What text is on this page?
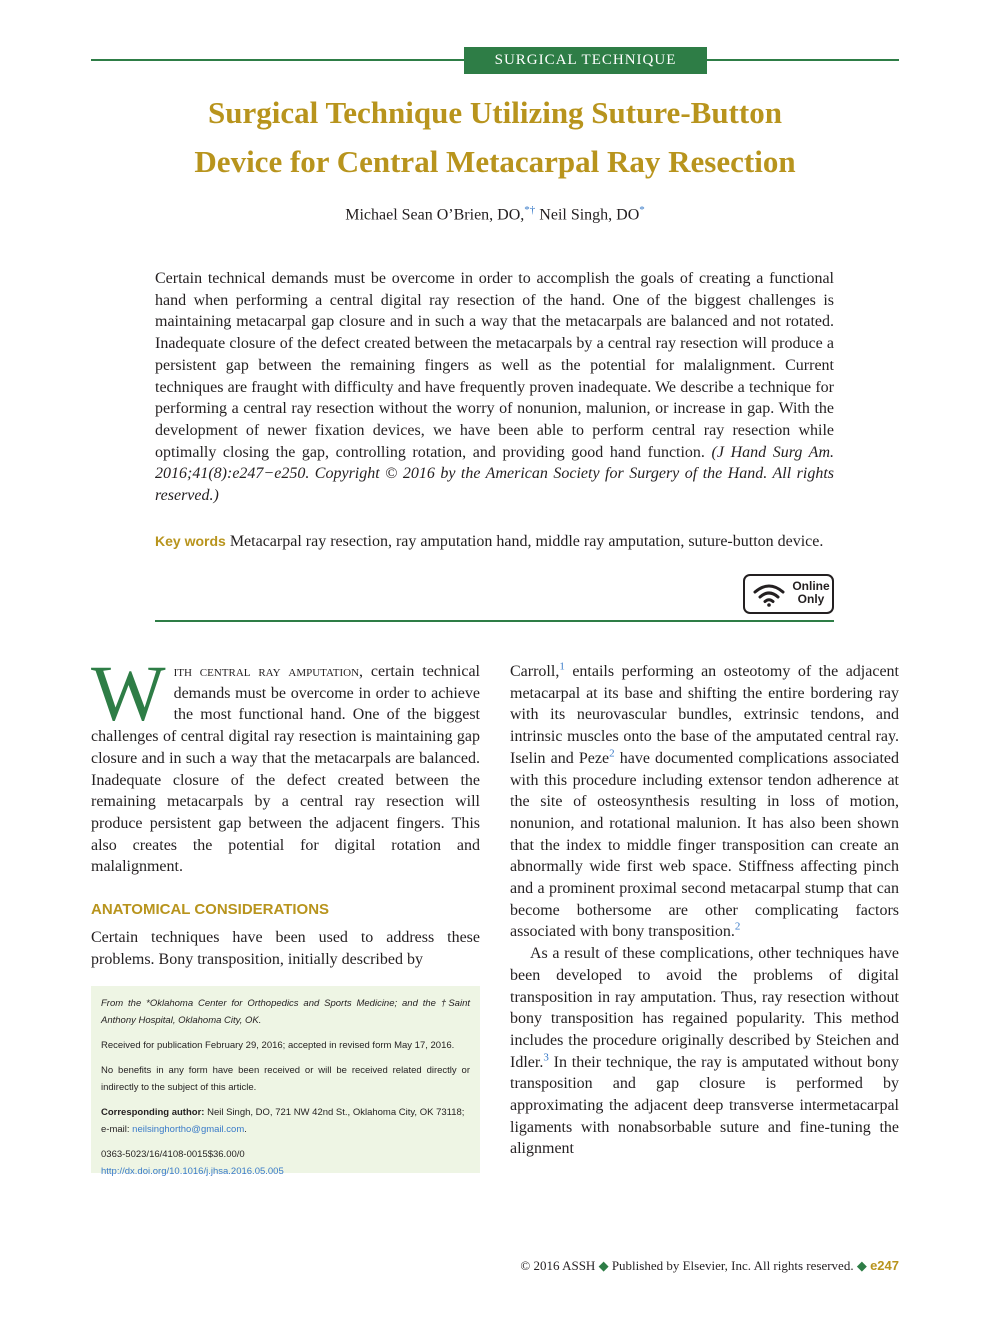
SURGICAL TECHNIQUE
Surgical Technique Utilizing Suture-Button
Device for Central Metacarpal Ray Resection
Michael Sean O’Brien, DO,*† Neil Singh, DO*
Certain technical demands must be overcome in order to accomplish the goals of creating a functional hand when performing a central digital ray resection of the hand. One of the biggest challenges is maintaining metacarpal gap closure and in such a way that the metacarpals are balanced and not rotated. Inadequate closure of the defect created between the metacarpals by a central ray resection will produce a persistent gap between the remaining fingers as well as the potential for malalignment. Current techniques are fraught with difficulty and have frequently proven inadequate. We describe a technique for performing a central ray resection without the worry of nonunion, malunion, or increase in gap. With the development of newer fixation devices, we have been able to perform central ray resection while optimally closing the gap, controlling rotation, and providing good hand function. (J Hand Surg Am. 2016;41(8):e247−e250. Copyright © 2016 by the American Society for Surgery of the Hand. All rights reserved.)
Key words Metacarpal ray resection, ray amputation hand, middle ray amputation, suture-button device.
Online
Only
With central ray amputation, certain technical demands must be overcome in order to achieve the most functional hand. One of the biggest challenges of central digital ray resection is maintaining gap closure and in such a way that the metacarpals are balanced. Inadequate closure of the defect created between the remaining metacarpals by a central ray resection will produce persistent gap between the adjacent fingers. This also creates the potential for digital rotation and malalignment.
ANATOMICAL CONSIDERATIONS
Certain techniques have been used to address these problems. Bony transposition, initially described by

From the *Oklahoma Center for Orthopedics and Sports Medicine; and the †Saint Anthony Hospital, Oklahoma City, OK.

Received for publication February 29, 2016; accepted in revised form May 17, 2016.

No benefits in any form have been received or will be received related directly or indirectly to the subject of this article.

Corresponding author: Neil Singh, DO, 721 NW 42nd St., Oklahoma City, OK 73118;
e-mail: neilsinghortho@gmail.com.

0363-5023/16/4108-0015$36.00/0

http://dx.doi.org/10.1016/j.jhsa.2016.05.005

Carroll,$^1$ entails performing an osteotomy of the adjacent metacarpal at its base and shifting the entire bordering ray with its neurovascular bundles, extrinsic tendons, and intrinsic muscles onto the base of the amputated central ray. Iselin and Peze$^2$ have documented complications associated with this procedure including extensor tendon adherence at the site of osteosynthesis resulting in loss of motion, nonunion, and rotational malunion. It has also been shown that the index to middle finger transposition can create an abnormally wide first web space. Stiffness affecting pinch and a prominent proximal second metacarpal stump that can become bothersome are other complicating factors associated with bony transposition.$^2$

As a result of these complications, other techniques have been developed to avoid the problems of digital transposition in ray amputation. Thus, ray resection without bony transposition has regained popularity. This method includes the procedure originally described by Steichen and Idler.$^3$ In their technique, the ray is amputated without bony transposition and gap closure is performed by approximating the adjacent deep transverse intermetacarpal ligaments with nonabsorbable suture and fine-tuning the alignment

© 2016 ASSH ◆ Published by Elsevier, Inc. All rights reserved. ◆ e247
